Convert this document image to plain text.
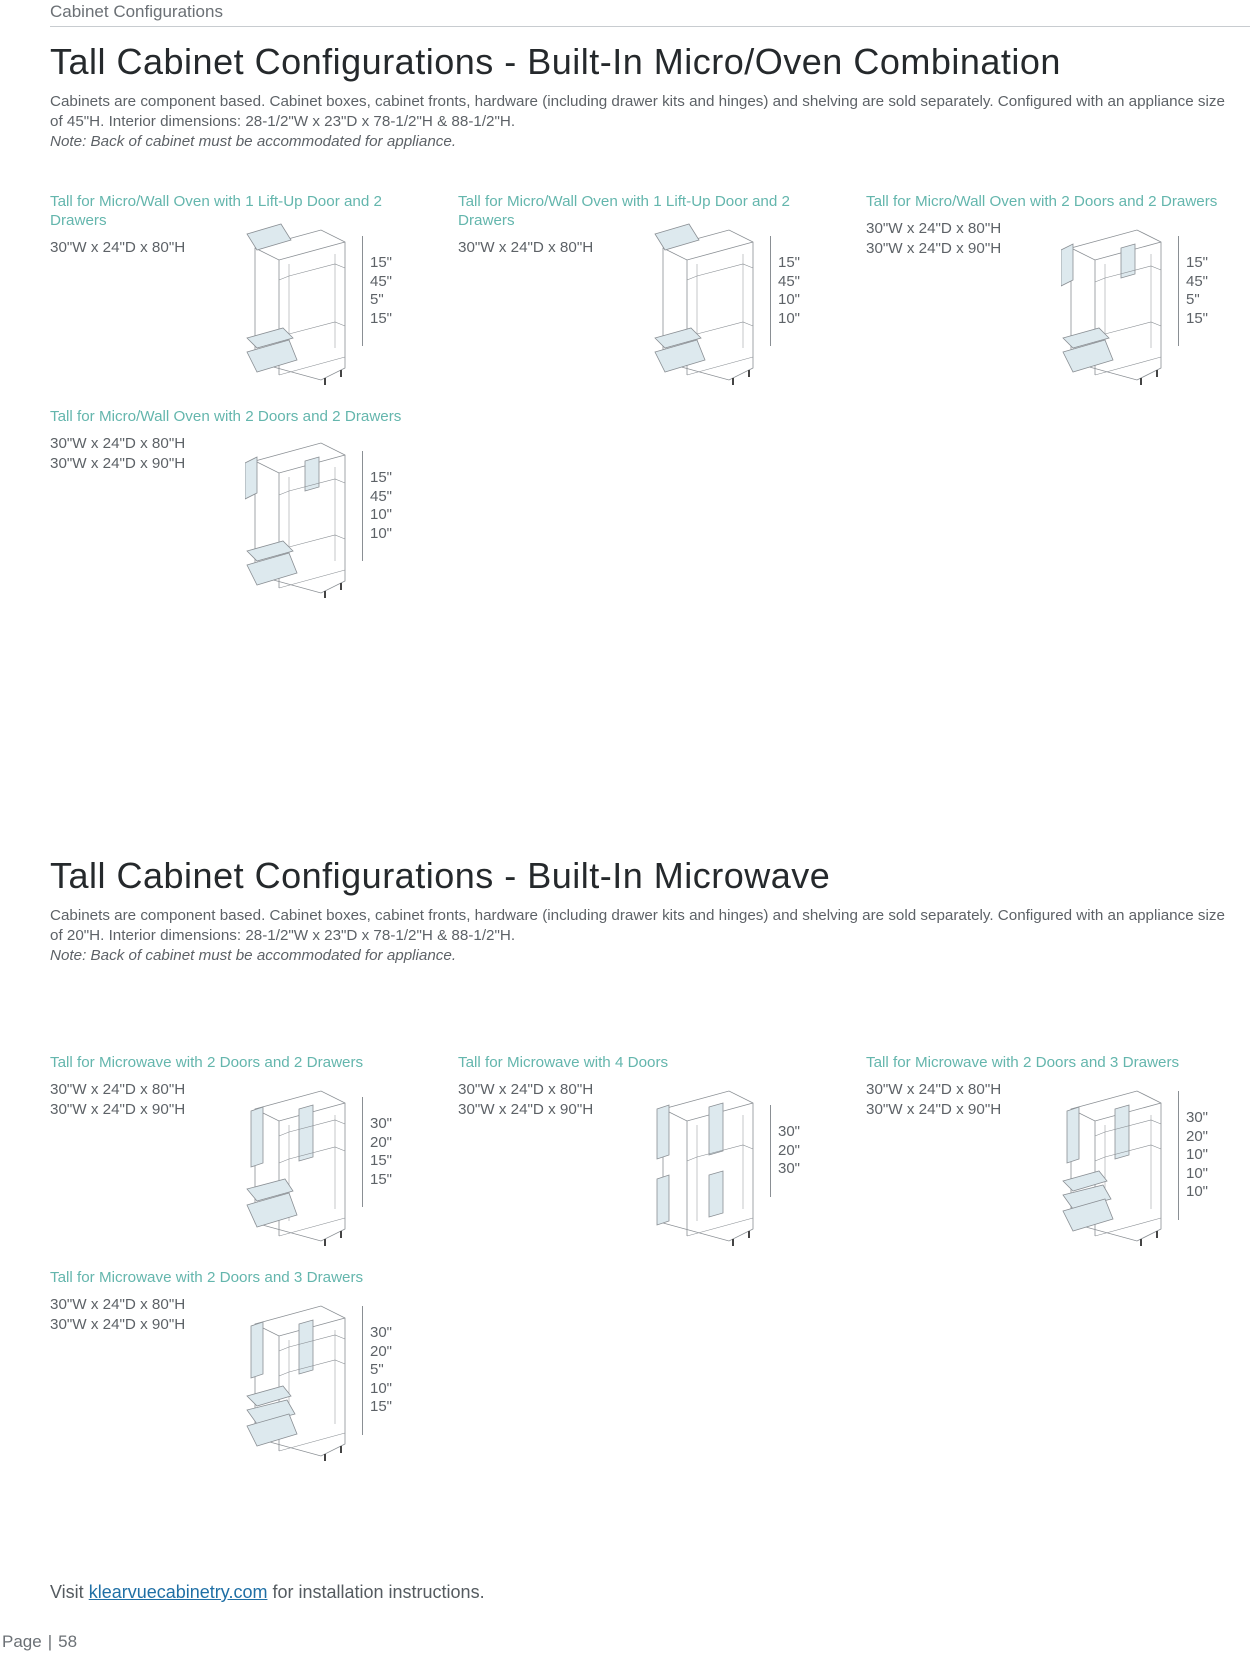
Cabinet Configurations
Tall Cabinet Configurations - Built-In Micro/Oven Combination

Cabinets are component based. Cabinet boxes, cabinet fronts, hardware (including drawer kits and hinges) and shelving are sold separately. Configured with an appliance size of 45"H. Interior dimensions: 28-1/2"W x 23"D x 78-1/2"H & 88-1/2"H.

Note: Back of cabinet must be accommodated for appliance.

Tall Cabinet Configurations - Built-In Microwave

Cabinets are component based. Cabinet boxes, cabinet fronts, hardware (including drawer kits and hinges) and shelving are sold separately. Configured with an appliance size of 20"H. Interior dimensions: 28-1/2"W x 23"D x 78-1/2"H & 88-1/2"H.

Note: Back of cabinet must be accommodated for appliance.

Tall for Micro/Wall Oven with 1 Lift-Up Door and 2 Drawers
30"W x 24"D x 80"H
15"
45"
5"
15"
Tall for Micro/Wall Oven with 1 Lift-Up Door and 2 Drawers
30"W x 24"D x 80"H
15"
45"
10"
10"
Tall for Micro/Wall Oven with 2 Doors and 2 Drawers
30"W x 24"D x 80"H
30"W x 24"D x 90"H
15"
45"
5"
15"
Tall for Micro/Wall Oven with 2 Doors and 2 Drawers
30"W x 24"D x 80"H
30"W x 24"D x 90"H
15"
45"
10"
10"
Tall for Microwave with 2 Doors and 2 Drawers
30"W x 24"D x 80"H
30"W x 24"D x 90"H
30"
20"
15"
15"
Tall for Microwave with 4 Doors
30"W x 24"D x 80"H
30"W x 24"D x 90"H
30"
20"
30"
Tall for Microwave with 2 Doors and 3 Drawers
30"W x 24"D x 80"H
30"W x 24"D x 90"H	30"
20"
10"
10"
10"
Tall for Microwave with 2 Doors and 3 Drawers
30"W x 24"D x 80"H
30"W x 24"D x 90"H	30"
20"
5"
10"
15"
Visit klearvuecabinetry.com for installation instructions.
Page | 58
